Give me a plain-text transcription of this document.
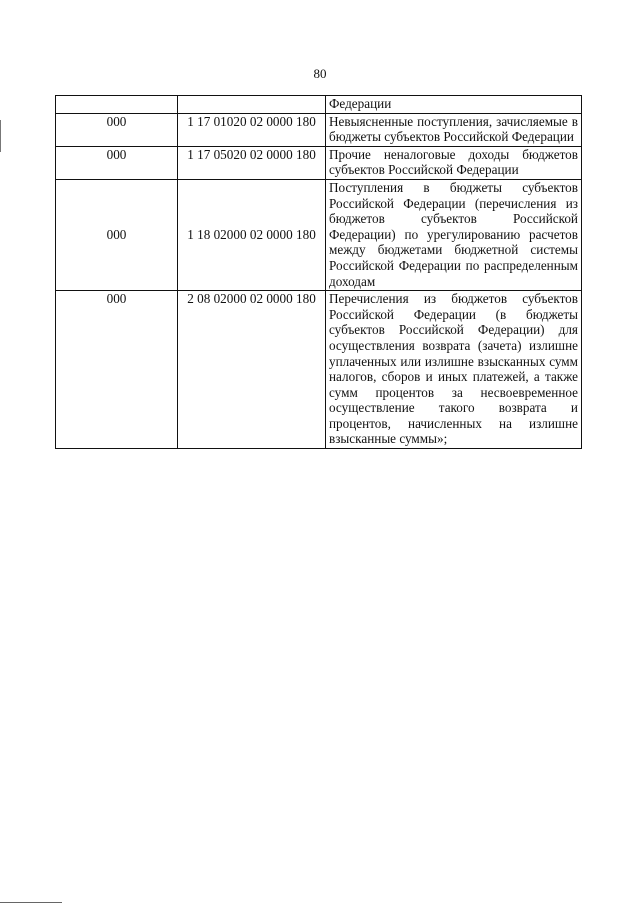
80
		Федерации
000	1 17 01020 02 0000 180	Невыясненные поступления, зачисляемые в бюджеты субъектов Российской Федерации
000	1 17 05020 02 0000 180	Прочие неналоговые доходы бюджетов субъектов Российской Федерации
000	1 18 02000 02 0000 180	Поступления в бюджеты субъектов Российской Федерации (перечисления из бюджетов субъектов Российской Федерации) по урегулированию расчетов между бюджетами бюджетной системы Российской Федерации по распределенным доходам
000	2 08 02000 02 0000 180	Перечисления из бюджетов субъектов Российской Федерации (в бюджеты субъектов Российской Федерации) для осуществления возврата (зачета) излишне уплаченных или излишне взысканных сумм налогов, сборов и иных платежей, а также сумм процентов за несвоевременное осуществление такого возврата и процентов, начисленных на излишне взысканные суммы»;
